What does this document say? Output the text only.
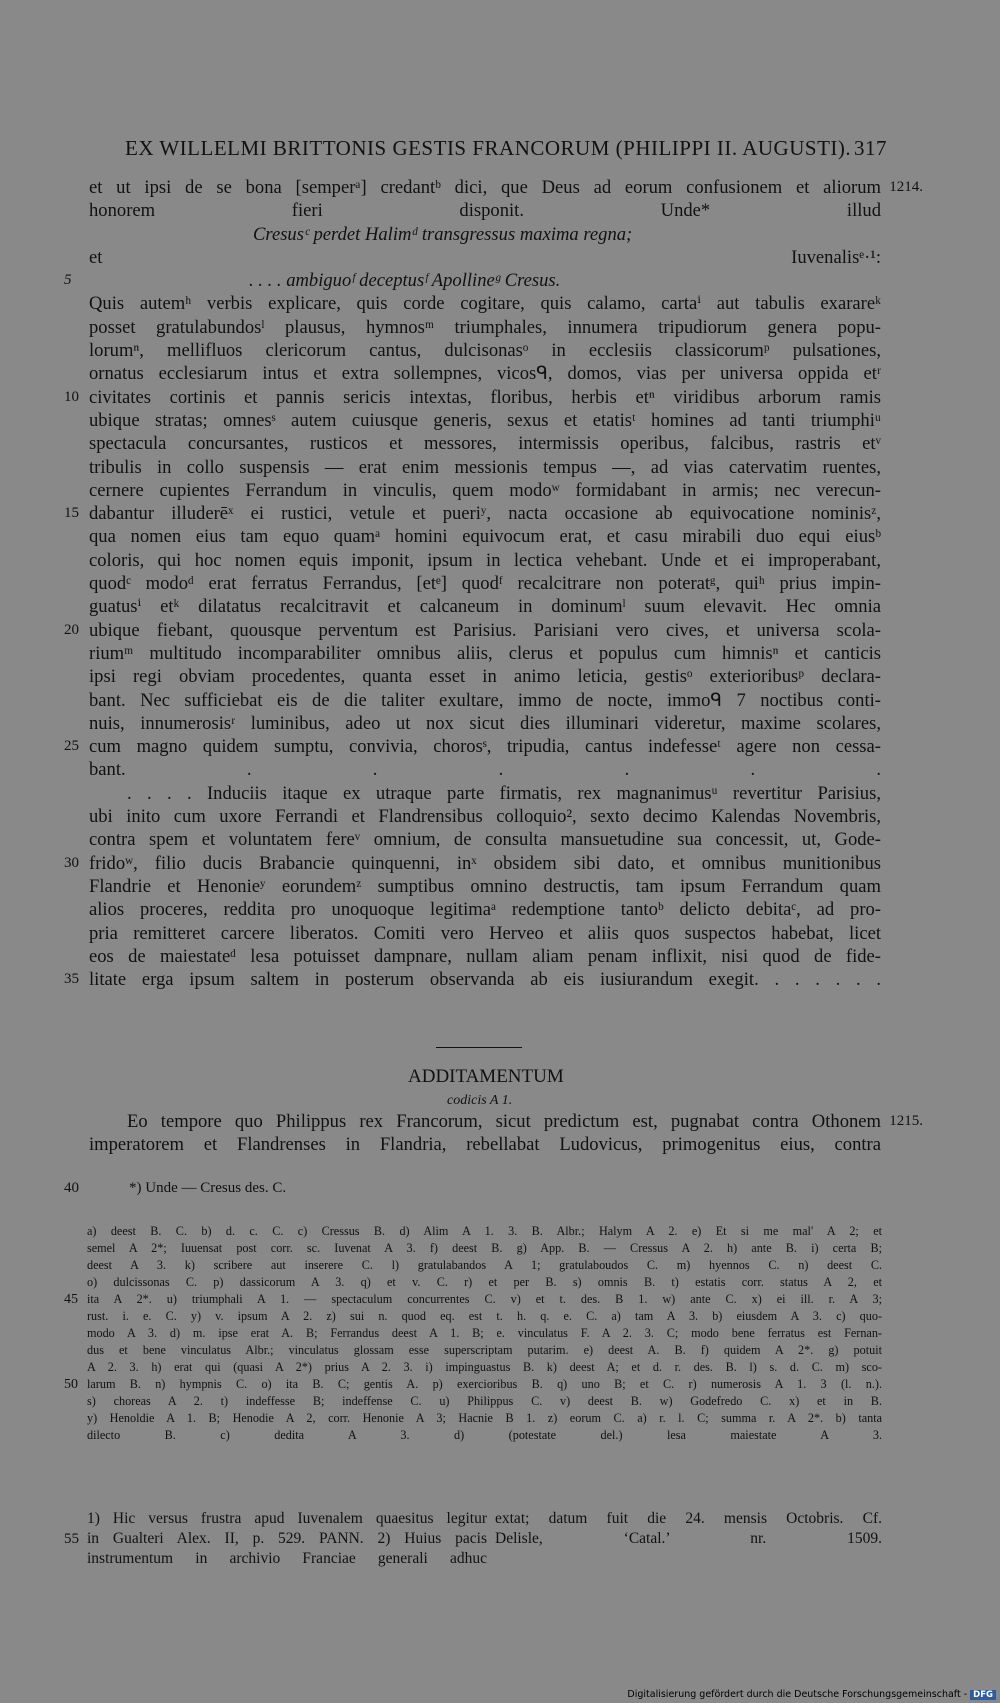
EX WILLELMI BRITTONIS GESTIS FRANCORUM (PHILIPPI II. AUGUSTI). 317
et ut ipsi de se bona [semperᵃ] credantᵇ dici, que Deus ad eorum confusionem et aliorum 1214.
honorem fieri disponit. Unde* illud
Cresusᶜ perdet Halimᵈ transgressus maxima regna;
et Iuvenalisᵉ·¹:
. . . . ambiguoᶠ deceptusᶠ Apollineᵍ Cresus.
5
Quis autemʰ verbis explicare, quis corde cogitare, quis calamo, cartaⁱ aut tabulis exarareᵏ
posset gratulabundosˡ plausus, hymnosᵐ triumphales, innumera tripudiorum genera popu-
lorumⁿ, mellifluos clericorum cantus, dulcisonasᵒ in ecclesiis classicorumᵖ pulsationes,
ornatus ecclesiarum intus et extra sollempnes, vicosᑫ, domos, vias per universa oppida etʳ
civitates cortinis et pannis sericis intextas, floribus, herbis etⁿ viridibus arborum ramis
10
ubique stratas; omnesˢ autem cuiusque generis, sexus et etatisᵗ homines ad tanti triumphiᵘ
spectacula concursantes, rusticos et messores, intermissis operibus, falcibus, rastris etᵛ
tribulis in collo suspensis — erat enim messionis tempus —, ad vias catervatim ruentes,
cernere cupientes Ferrandum in vinculis, quem modoʷ formidabant in armis; nec verecun-
dabantur illuderēˣ ei rustici, vetule et pueriʸ, nacta occasione ab equivocatione nominisᶻ,
15
qua nomen eius tam equo quamᵃ homini equivocum erat, et casu mirabili duo equi eiusᵇ
coloris, qui hoc nomen equis imponit, ipsum in lectica vehebant. Unde et ei improperabant,
quodᶜ modoᵈ erat ferratus Ferrandus, [etᵉ] quodᶠ recalcitrare non poteratᵍ, quiʰ prius impin-
guatusⁱ etᵏ dilatatus recalcitravit et calcaneum in dominumˡ suum elevavit. Hec omnia
ubique fiebant, quousque perventum est Parisius. Parisiani vero cives, et universa scola-
20
riumᵐ multitudo incomparabiliter omnibus aliis, clerus et populus cum himnisⁿ et canticis
ipsi regi obviam procedentes, quanta esset in animo leticia, gestisᵒ exterioribusᵖ declara-
bant. Nec sufficiebat eis de die taliter exultare, immo de nocte, immoᑫ 7 noctibus conti-
nuis, innumerosisʳ luminibus, adeo ut nox sicut dies illuminari videretur, maxime scolares,
cum magno quidem sumptu, convivia, chorosˢ, tripudia, cantus indefesseᵗ agere non cessa-
25
bant. . . . . . .
. . . . Induciis itaque ex utraque parte firmatis, rex magnanimusᵘ revertitur Parisius,
ubi inito cum uxore Ferrandi et Flandrensibus colloquio², sexto decimo Kalendas Novembris,
contra spem et voluntatem fereᵛ omnium, de consulta mansuetudine sua concessit, ut, Gode-
fridoʷ, filio ducis Brabancie quinquenni, inˣ obsidem sibi dato, et omnibus munitionibus
30
Flandrie et Henonieʸ eorundemᶻ sumptibus omnino destructis, tam ipsum Ferrandum quam
alios proceres, reddita pro unoquoque legitimaᵃ redemptione tantoᵇ delicto debitaᶜ, ad pro-
pria remitteret carcere liberatos. Comiti vero Herveo et aliis quos suspectos habebat, licet
eos de maiestateᵈ lesa potuisset dampnare, nullam aliam penam inflixit, nisi quod de fide-
litate erga ipsum saltem in posterum observanda ab eis iusiurandum exegit. . . . . . .
35
ADDITAMENTUM
codicis A 1.
Eo tempore quo Philippus rex Francorum, sicut predictum est, pugnabat contra Othonem 1215.
imperatorem et Flandrenses in Flandria, rebellabat Ludovicus, primogenitus eius, contra
40	*) Unde — Cresus des. C.
a) deest B. C. b) d. c. C. c) Cressus B. d) Alim A 1. 3. B. Albr.; Halym A 2. e) Et si me mal' A 2; et
semel A 2*; Iuuensat post corr. sc. Iuvenat A 3. f) deest B. g) App. B. — Cressus A 2. h) ante B. i) certa B;
deest A 3. k) scribere aut inserere C. l) gratulabandos A 1; gratulaboudos C. m) hyennos C. n) deest C.
o) dulcissonas C. p) dassicorum A 3. q) et v. C. r) et per B. s) omnis B. t) estatis corr. status A 2, et
ita A 2*. u) triumphali A 1. — spectaculum concurrentes C. v) et t. des. B 1. w) ante C. x) ei ill. r. A 3;
45
rust. i. e. C. y) v. ipsum A 2. z) sui n. quod eq. est t. h. q. e. C. a) tam A 3. b) eiusdem A 3. c) quo-
modo A 3. d) m. ipse erat A. B; Ferrandus deest A 1. B; e. vinculatus F. A 2. 3. C; modo bene ferratus est Fernan-
dus et bene vinculatus Albr.; vinculatus glossam esse superscriptam putarim. e) deest A. B. f) quidem A 2*. g) potuit
A 2. 3. h) erat qui (quasi A 2*) prius A 2. 3. i) impinguastus B. k) deest A; et d. r. des. B. l) s. d. C. m) sco-
larum B. n) hympnis C. o) ita B. C; gentis A. p) exercioribus B. q) uno B; et C. r) numerosis A 1. 3 (l. n.).
50
s) choreas A 2. t) indeffesse B; indeffense C. u) Philippus C. v) deest B. w) Godefredo C. x) et in B.
y) Henoldie A 1. B; Henodie A 2, corr. Henonie A 3; Hacnie B 1. z) eorum C. a) r. l. C; summa r. A 2*. b) tanta
dilecto B. c) dedita A 3. d) (potestate del.) lesa maiestate A 3.
1) Hic versus frustra apud Iuvenalem quaesitus legitur
in Gualteri Alex. II, p. 529. PANN. 2) Huius pacis
55
instrumentum in archivio Franciae generali adhuc
extat; datum fuit die 24. mensis Octobris. Cf.
Delisle, ‘Catal.’ nr. 1509.
Digitalisierung gefördert durch die Deutsche Forschungsgemeinschaft - DFG
